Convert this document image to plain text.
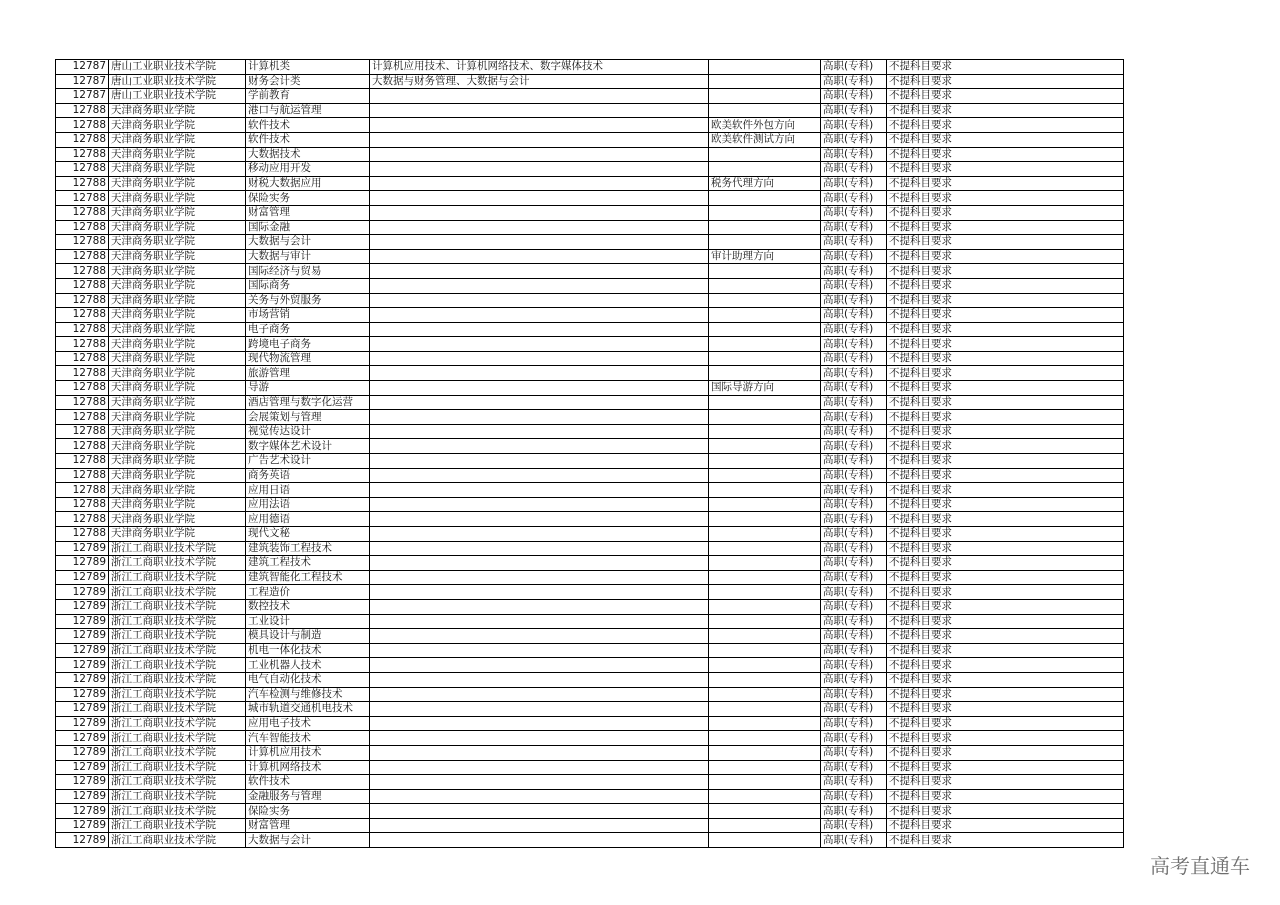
12787	唐山工业职业技术学院	计算机类	计算机应用技术、计算机网络技术、数字媒体技术		高职(专科)	不提科目要求
12787	唐山工业职业技术学院	财务会计类	大数据与财务管理、大数据与会计		高职(专科)	不提科目要求
12787	唐山工业职业技术学院	学前教育			高职(专科)	不提科目要求
12788	天津商务职业学院	港口与航运管理			高职(专科)	不提科目要求
12788	天津商务职业学院	软件技术		欧美软件外包方向	高职(专科)	不提科目要求
12788	天津商务职业学院	软件技术		欧美软件测试方向	高职(专科)	不提科目要求
12788	天津商务职业学院	大数据技术			高职(专科)	不提科目要求
12788	天津商务职业学院	移动应用开发			高职(专科)	不提科目要求
12788	天津商务职业学院	财税大数据应用		税务代理方向	高职(专科)	不提科目要求
12788	天津商务职业学院	保险实务			高职(专科)	不提科目要求
12788	天津商务职业学院	财富管理			高职(专科)	不提科目要求
12788	天津商务职业学院	国际金融			高职(专科)	不提科目要求
12788	天津商务职业学院	大数据与会计			高职(专科)	不提科目要求
12788	天津商务职业学院	大数据与审计		审计助理方向	高职(专科)	不提科目要求
12788	天津商务职业学院	国际经济与贸易			高职(专科)	不提科目要求
12788	天津商务职业学院	国际商务			高职(专科)	不提科目要求
12788	天津商务职业学院	关务与外贸服务			高职(专科)	不提科目要求
12788	天津商务职业学院	市场营销			高职(专科)	不提科目要求
12788	天津商务职业学院	电子商务			高职(专科)	不提科目要求
12788	天津商务职业学院	跨境电子商务			高职(专科)	不提科目要求
12788	天津商务职业学院	现代物流管理			高职(专科)	不提科目要求
12788	天津商务职业学院	旅游管理			高职(专科)	不提科目要求
12788	天津商务职业学院	导游		国际导游方向	高职(专科)	不提科目要求
12788	天津商务职业学院	酒店管理与数字化运营			高职(专科)	不提科目要求
12788	天津商务职业学院	会展策划与管理			高职(专科)	不提科目要求
12788	天津商务职业学院	视觉传达设计			高职(专科)	不提科目要求
12788	天津商务职业学院	数字媒体艺术设计			高职(专科)	不提科目要求
12788	天津商务职业学院	广告艺术设计			高职(专科)	不提科目要求
12788	天津商务职业学院	商务英语			高职(专科)	不提科目要求
12788	天津商务职业学院	应用日语			高职(专科)	不提科目要求
12788	天津商务职业学院	应用法语			高职(专科)	不提科目要求
12788	天津商务职业学院	应用德语			高职(专科)	不提科目要求
12788	天津商务职业学院	现代文秘			高职(专科)	不提科目要求
12789	浙江工商职业技术学院	建筑装饰工程技术			高职(专科)	不提科目要求
12789	浙江工商职业技术学院	建筑工程技术			高职(专科)	不提科目要求
12789	浙江工商职业技术学院	建筑智能化工程技术			高职(专科)	不提科目要求
12789	浙江工商职业技术学院	工程造价			高职(专科)	不提科目要求
12789	浙江工商职业技术学院	数控技术			高职(专科)	不提科目要求
12789	浙江工商职业技术学院	工业设计			高职(专科)	不提科目要求
12789	浙江工商职业技术学院	模具设计与制造			高职(专科)	不提科目要求
12789	浙江工商职业技术学院	机电一体化技术			高职(专科)	不提科目要求
12789	浙江工商职业技术学院	工业机器人技术			高职(专科)	不提科目要求
12789	浙江工商职业技术学院	电气自动化技术			高职(专科)	不提科目要求
12789	浙江工商职业技术学院	汽车检测与维修技术			高职(专科)	不提科目要求
12789	浙江工商职业技术学院	城市轨道交通机电技术			高职(专科)	不提科目要求
12789	浙江工商职业技术学院	应用电子技术			高职(专科)	不提科目要求
12789	浙江工商职业技术学院	汽车智能技术			高职(专科)	不提科目要求
12789	浙江工商职业技术学院	计算机应用技术			高职(专科)	不提科目要求
12789	浙江工商职业技术学院	计算机网络技术			高职(专科)	不提科目要求
12789	浙江工商职业技术学院	软件技术			高职(专科)	不提科目要求
12789	浙江工商职业技术学院	金融服务与管理			高职(专科)	不提科目要求
12789	浙江工商职业技术学院	保险实务			高职(专科)	不提科目要求
12789	浙江工商职业技术学院	财富管理			高职(专科)	不提科目要求
12789	浙江工商职业技术学院	大数据与会计			高职(专科)	不提科目要求
高考直通车
